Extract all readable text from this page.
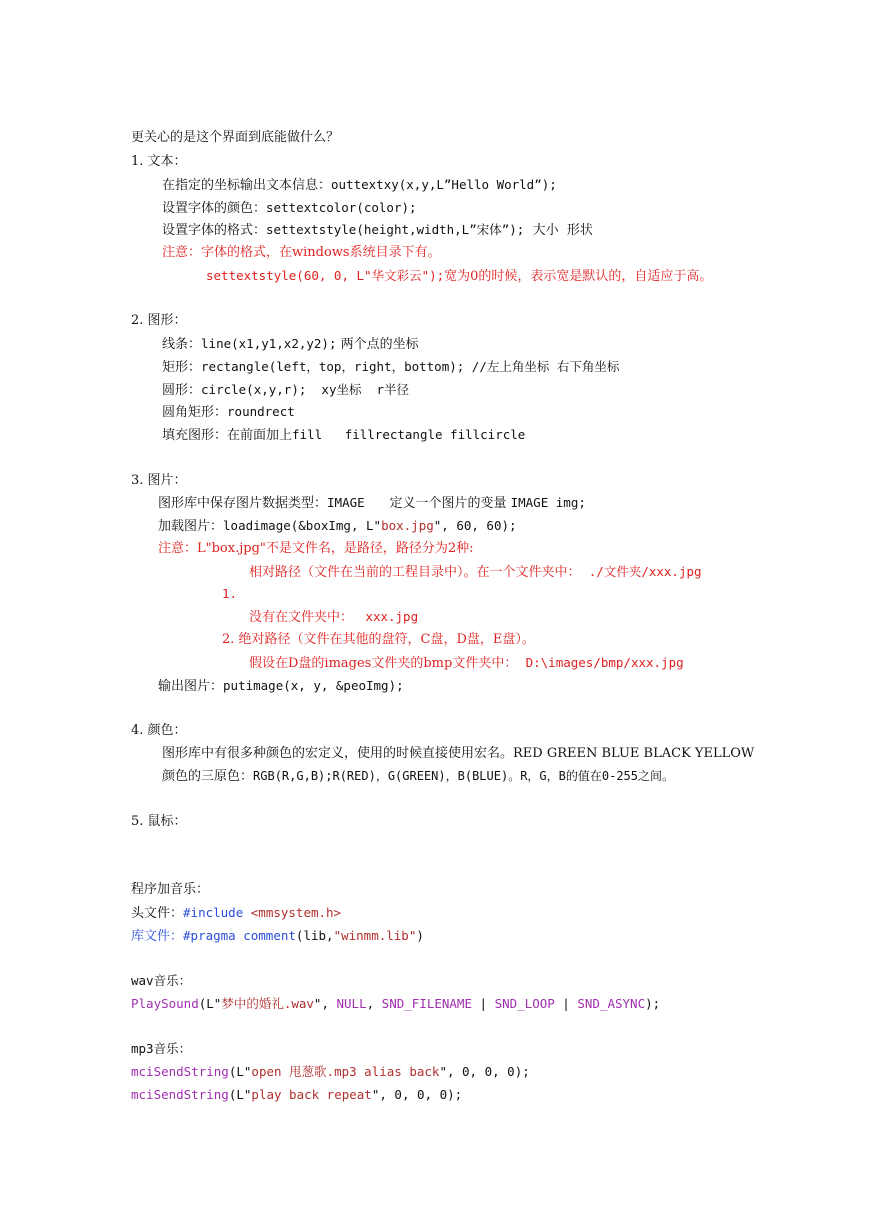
更关心的是这个界面到底能做什么？
1. 文本：
在指定的坐标输出文本信息：outtextxy(x,y,L”Hello World”);
设置字体的颜色：settextcolor(color);
设置字体的格式：settextstyle(height,width,L”宋体”); 大小  形状
注意：字体的格式，在windows系统目录下有。
settextstyle(60, 0, L"华文彩云");宽为0的时候，表示宽是默认的，自适应于高。
2. 图形：
线条：line(x1,y1,x2,y2); 两个点的坐标
矩形：rectangle(left，top，right，bottom); //左上角坐标 右下角坐标
圆形：circle(x,y,r);  xy坐标  r半径
圆角矩形：roundrect
填充图形：在前面加上fill   fillrectangle fillcircle
3. 图片：
图形库中保存图片数据类型：IMAGE 定义一个图片的变量 IMAGE img;
加载图片：loadimage(&boxImg, L"box.jpg", 60, 60);
注意：L"box.jpg"不是文件名，是路径，路径分为2种:
相对路径（文件在当前的工程目录中）。在一个文件夹中： ./文件夹/xxx.jpg
1.
没有在文件夹中： xxx.jpg
2. 绝对路径（文件在其他的盘符，C盘，D盘，E盘）。
假设在D盘的images文件夹的bmp文件夹中： D:\images/bmp/xxx.jpg
输出图片：putimage(x, y, &peoImg);
4. 颜色：
图形库中有很多种颜色的宏定义，使用的时候直接使用宏名。RED GREEN BLUE BLACK YELLOW
颜色的三原色：RGB(R,G,B);R(RED)，G(GREEN)，B(BLUE)。R，G，B的值在0-255之间。
5. 鼠标：
程序加音乐：
头文件：#include <mmsystem.h>
库文件：#pragma comment(lib,"winmm.lib")
wav音乐：
PlaySound(L"梦中的婚礼.wav", NULL, SND_FILENAME | SND_LOOP | SND_ASYNC);
mp3音乐：
mciSendString(L"open 甩葱歌.mp3 alias back", 0, 0, 0);
mciSendString(L"play back repeat", 0, 0, 0);
